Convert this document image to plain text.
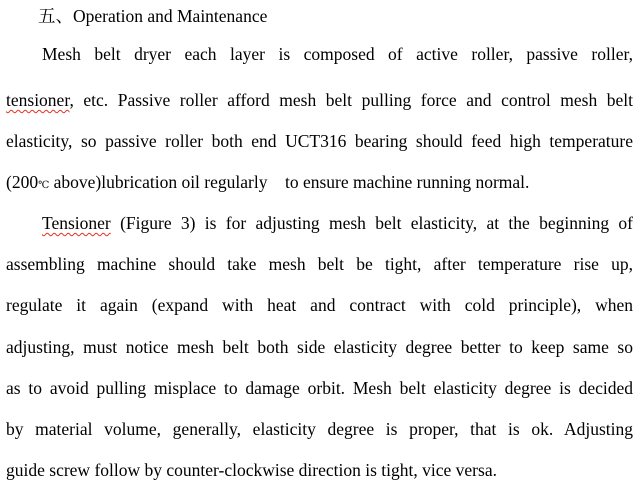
五、Operation and Maintenance
Mesh belt dryer each layer is composed of active roller, passive roller,
tensioner, etc. Passive roller afford mesh belt pulling force and control mesh belt
elasticity, so passive roller both end UCT316 bearing should feed high temperature
(200℃ above)lubrication oil regularly    to ensure machine running normal.
Tensioner (Figure 3) is for adjusting mesh belt elasticity, at the beginning of
assembling machine should take mesh belt be tight, after temperature rise up,
regulate it again (expand with heat and contract with cold principle), when
adjusting, must notice mesh belt both side elasticity degree better to keep same so
as to avoid pulling misplace to damage orbit. Mesh belt elasticity degree is decided
by material volume, generally, elasticity degree is proper, that is ok. Adjusting
guide screw follow by counter-clockwise direction is tight, vice versa.
